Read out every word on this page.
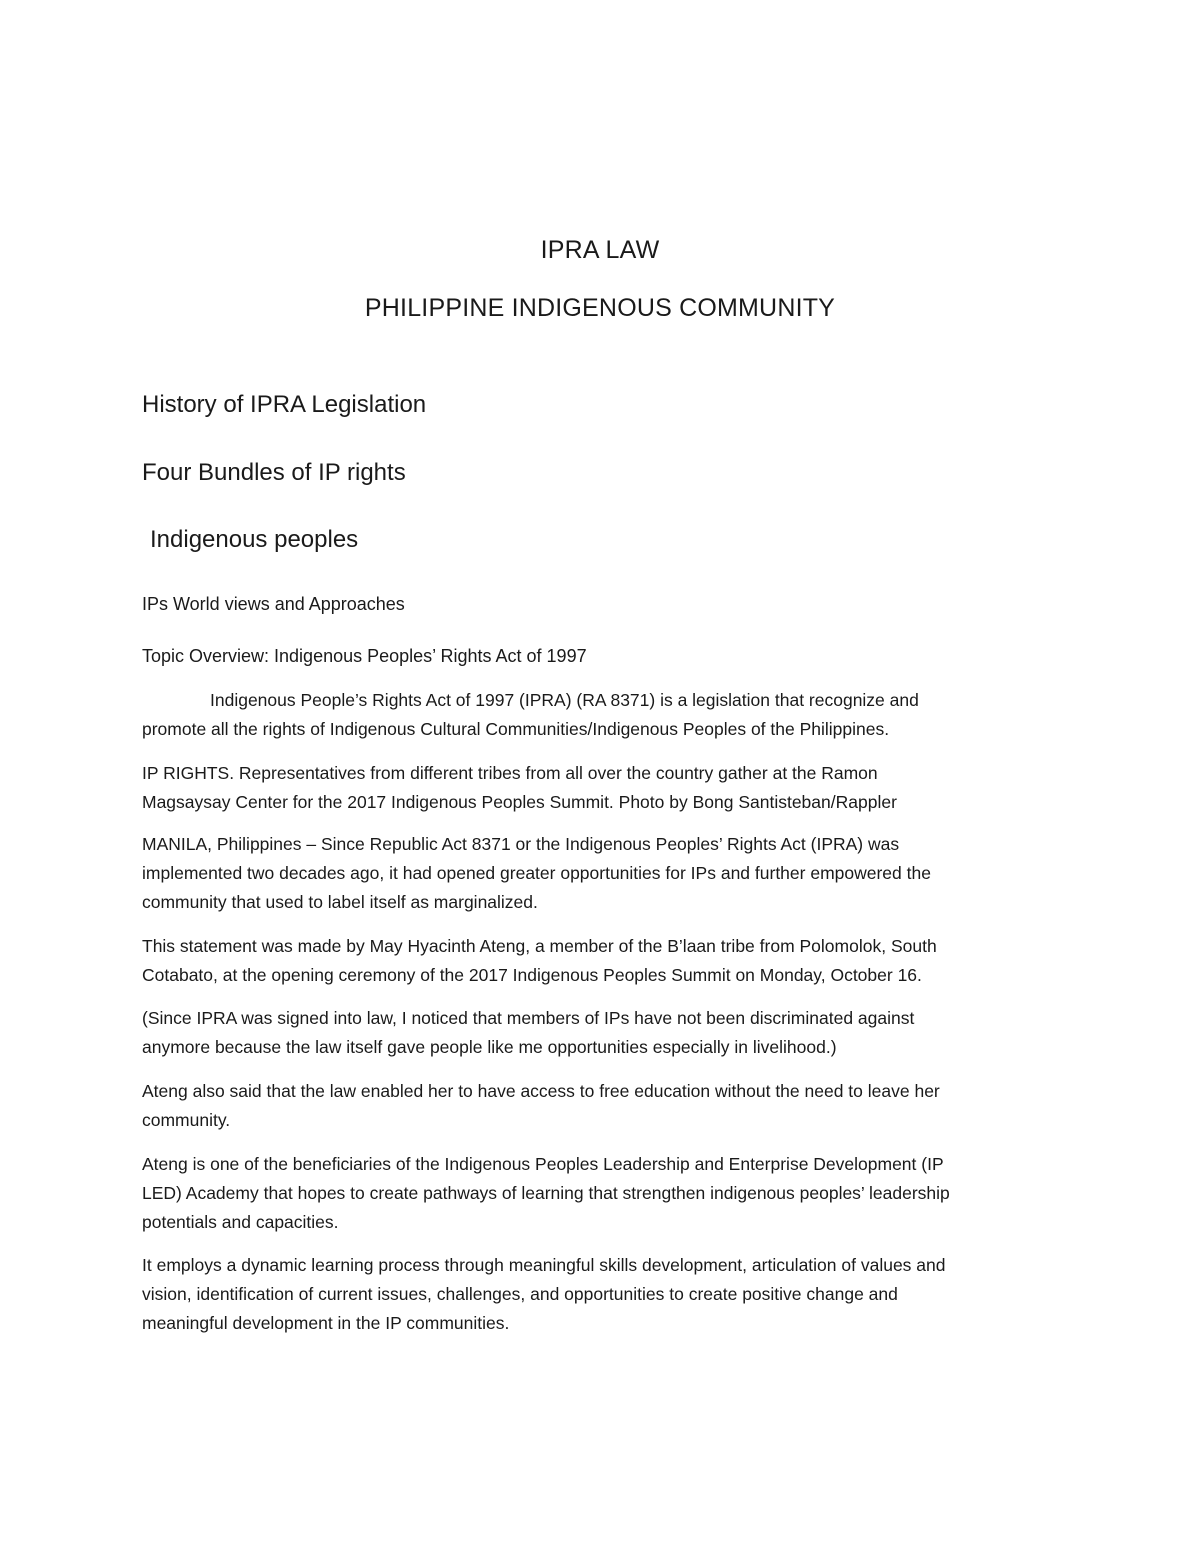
IPRA LAW
PHILIPPINE INDIGENOUS COMMUNITY
History of IPRA Legislation
Four Bundles of IP rights
Indigenous peoples

IPs World views and Approaches

Topic Overview: Indigenous Peoples’ Rights Act of 1997

Indigenous People’s Rights Act of 1997 (IPRA) (RA 8371) is a legislation that recognize and
promote all the rights of Indigenous Cultural Communities/Indigenous Peoples of the Philippines.
IP RIGHTS. Representatives from different tribes from all over the country gather at the Ramon
Magsaysay Center for the 2017 Indigenous Peoples Summit. Photo by Bong Santisteban/Rappler
MANILA, Philippines – Since Republic Act 8371 or the Indigenous Peoples’ Rights Act (IPRA) was
implemented two decades ago, it had opened greater opportunities for IPs and further empowered the
community that used to label itself as marginalized.
This statement was made by May Hyacinth Ateng, a member of the B’laan tribe from Polomolok, South
Cotabato, at the opening ceremony of the 2017 Indigenous Peoples Summit on Monday, October 16.
(Since IPRA was signed into law, I noticed that members of IPs have not been discriminated against
anymore because the law itself gave people like me opportunities especially in livelihood.)
Ateng also said that the law enabled her to have access to free education without the need to leave her
community.
Ateng is one of the beneficiaries of the Indigenous Peoples Leadership and Enterprise Development (IP
LED) Academy that hopes to create pathways of learning that strengthen indigenous peoples’ leadership
potentials and capacities.
It employs a dynamic learning process through meaningful skills development, articulation of values and
vision, identification of current issues, challenges, and opportunities to create positive change and
meaningful development in the IP communities.
